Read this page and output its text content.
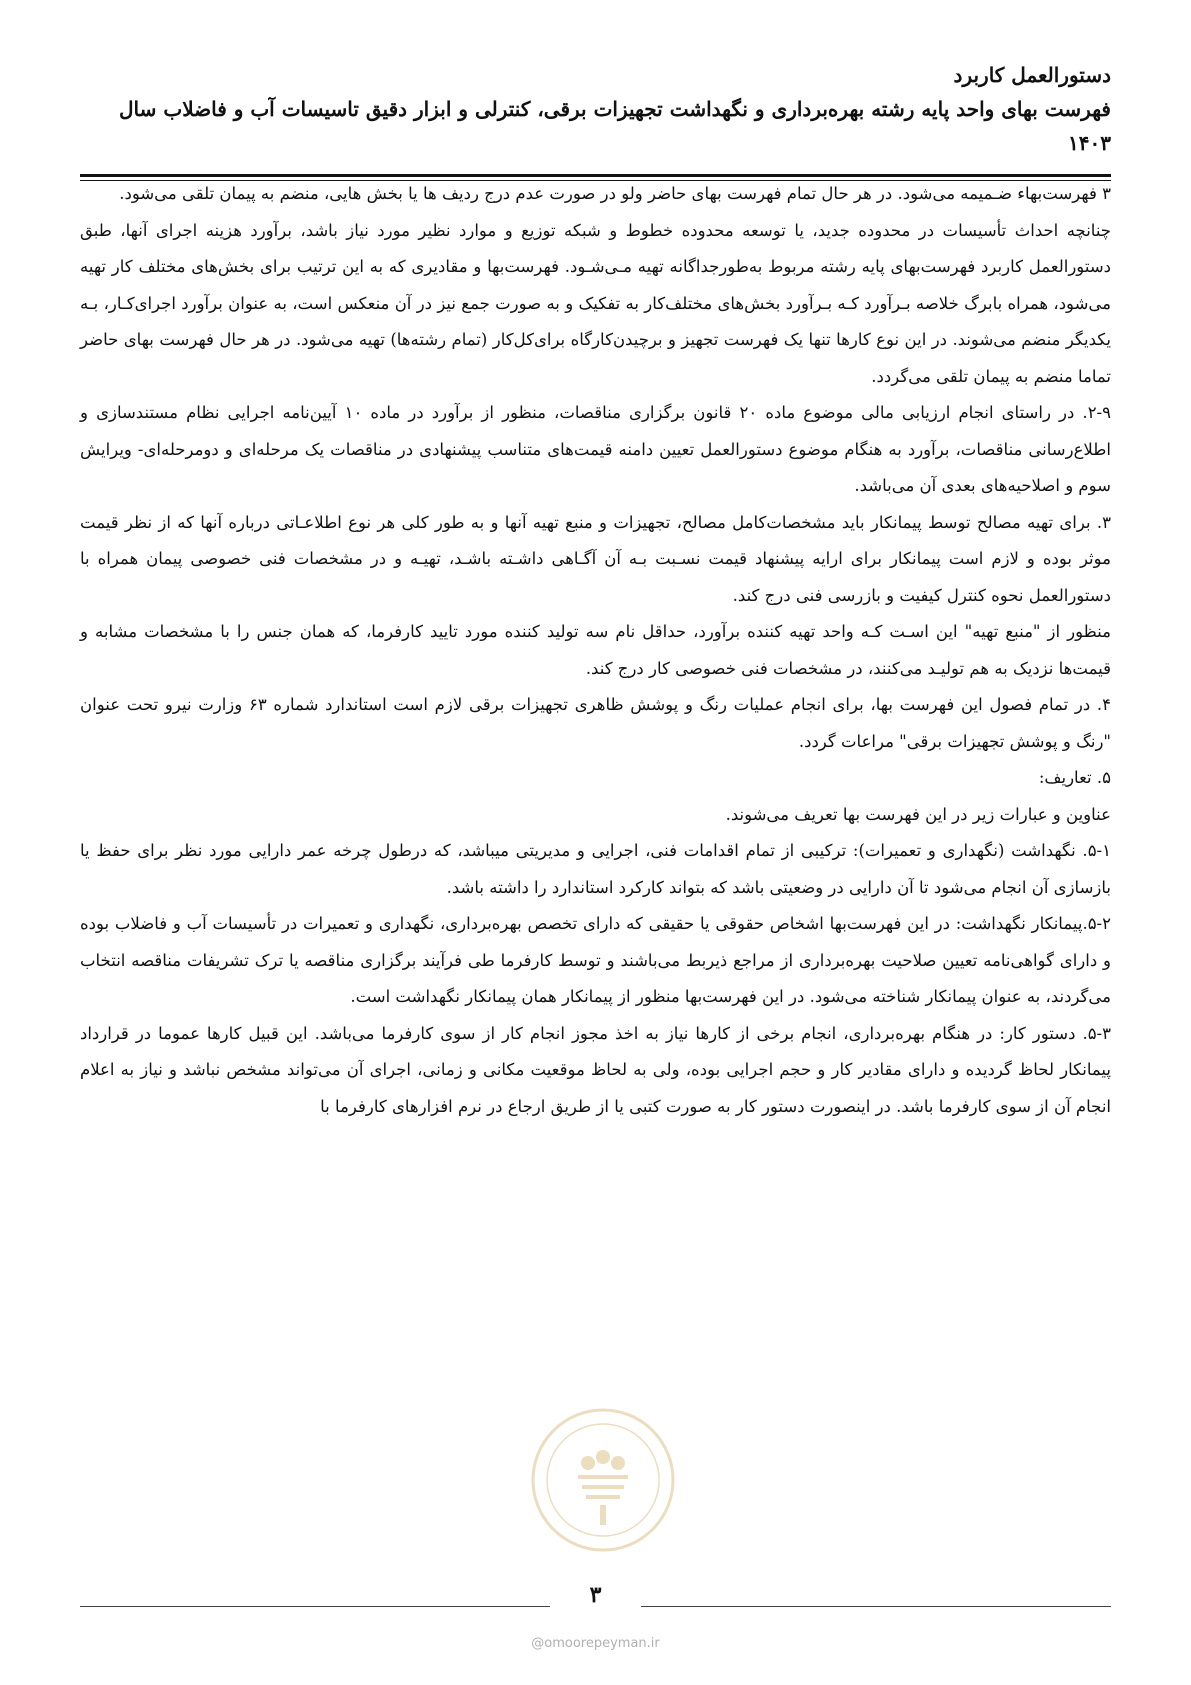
دستورالعمل کاربرد
فهرست بهای واحد پایه رشته بهره‌برداری و نگهداشت تجهیزات برقی، کنترلی و ابزار دقیق تاسیسات آب و فاضلاب سال
۱۴۰۳

۳ فهرست‌بهاء ضـمیمه می‌شود. در هر حال تمام فهرست بهای حاضر ولو در صورت عدم درج ردیف ها یا بخش هایی، منضم به پیمان تلقی می‌شود.

چنانچه احداث تأسیسات در محدوده جدید، یا توسعه محدوده خطوط و شبکه توزیع و موارد نظیر مورد نیاز باشد، برآورد هزینه اجرای آنها، طبق دستورالعمل کاربرد فهرست‌بهای پایه رشته مربوط به‌طورجداگانه تهیه مـی‌شـود. فهرست‌بها و مقادیری که به این ترتیب برای بخش‌های مختلف کار تهیه می‌شود، همراه بابرگ خلاصه بـرآورد کـه بـرآورد بخش‌های مختلف‌کار به تفکیک و به صورت جمع نیز در آن منعکس است، به عنوان برآورد اجرای‌کـار، بـه یکدیگر منضم می‌شوند. در این نوع کارها تنها یک فهرست تجهیز و برچیدن‌کارگاه برای‌کل‌کار (تمام رشته‌ها) تهیه می‌شود. در هر حال فهرست بهای حاضر تماما منضم به پیمان تلقی می‌گردد.

۲-۹. در راستای انجام ارزیابی مالی موضوع ماده ۲۰ قانون برگزاری مناقصات، منظور از برآورد در ماده ۱۰ آیین‌نامه اجرایی نظام مستندسازی و اطلاع‌رسانی مناقصات، برآورد به هنگام موضوع دستورالعمل تعیین دامنه قیمت‌های متناسب پیشنهادی در مناقصات یک مرحله‌ای و دومرحله‌ای- ویرایش سوم و اصلاحیه‌های بعدی آن می‌باشد.

۳. برای تهیه مصالح توسط پیمانکار باید مشخصات‌کامل مصالح، تجهیزات و منبع تهیه آنها و به طور کلی هر نوع اطلاعـاتی درباره آنها که از نظر قیمت موثر بوده و لازم است پیمانکار برای ارایه پیشنهاد قیمت نسـبت بـه آن آگـاهی داشـته باشـد، تهیـه و در مشخصات فنی خصوصی پیمان همراه با دستورالعمل نحوه کنترل کیفیت و بازرسی فنی درج کند.

منظور از "منبع تهیه" این اسـت کـه واحد تهیه کننده برآورد، حداقل نام سه تولید کننده مورد تایید کارفرما، که همان جنس را با مشخصات مشابه و قیمت‌ها نزدیک به هم تولیـد می‌کنند، در مشخصات فنی خصوصی کار درج کند.

۴. در تمام فصول این فهرست بها، برای انجام عملیات رنگ و پوشش ظاهری تجهیزات برقی لازم است استاندارد شماره ۶۳ وزارت نیرو تحت عنوان "رنگ و پوشش تجهیزات برقی" مراعات گردد.

۵. تعاریف:

عناوین و عبارات زیر در این فهرست بها تعریف می‌شوند.

۵-۱. نگهداشت (نگهداری و تعمیرات): ترکیبی از تمام اقدامات فنی، اجرایی و مدیریتی میباشد، که درطول چرخه عمر دارایی مورد نظر برای حفظ یا بازسازی آن انجام می‌شود تا آن دارایی در وضعیتی باشد که بتواند کارکرد استاندارد را داشته باشد.

۵-۲.پیمانکار نگهداشت: در این فهرست‌بها اشخاص حقوقی یا حقیقی که دارای تخصص بهره‌برداری، نگهداری و تعمیرات در تأسیسات آب و فاضلاب بوده و دارای گواهی‌نامه تعیین صلاحیت بهره‌برداری از مراجع ذیربط می‌باشند و توسط کارفرما طی فرآیند برگزاری مناقصه یا ترک تشریفات مناقصه انتخاب می‌گردند، به عنوان پیمانکار شناخته می‌شود. در این فهرست‌بها منظور از پیمانکار همان پیمانکار نگهداشت است.

۵-۳. دستور کار: در هنگام بهره‌برداری، انجام برخی از کارها نیاز به اخذ مجوز انجام کار از سوی کارفرما می‌باشد. این قبیل کارها عموما در قرارداد پیمانکار لحاظ گردیده و دارای مقادیر کار و حجم اجرایی بوده، ولی به لحاظ موقعیت مکانی و زمانی، اجرای آن می‌تواند مشخص نباشد و نیاز به اعلام انجام آن از سوی کارفرما باشد. در اینصورت دستور کار به صورت کتبی یا از طریق ارجاع در نرم افزارهای کارفرما با

۳
@omoorepeyman.ir
